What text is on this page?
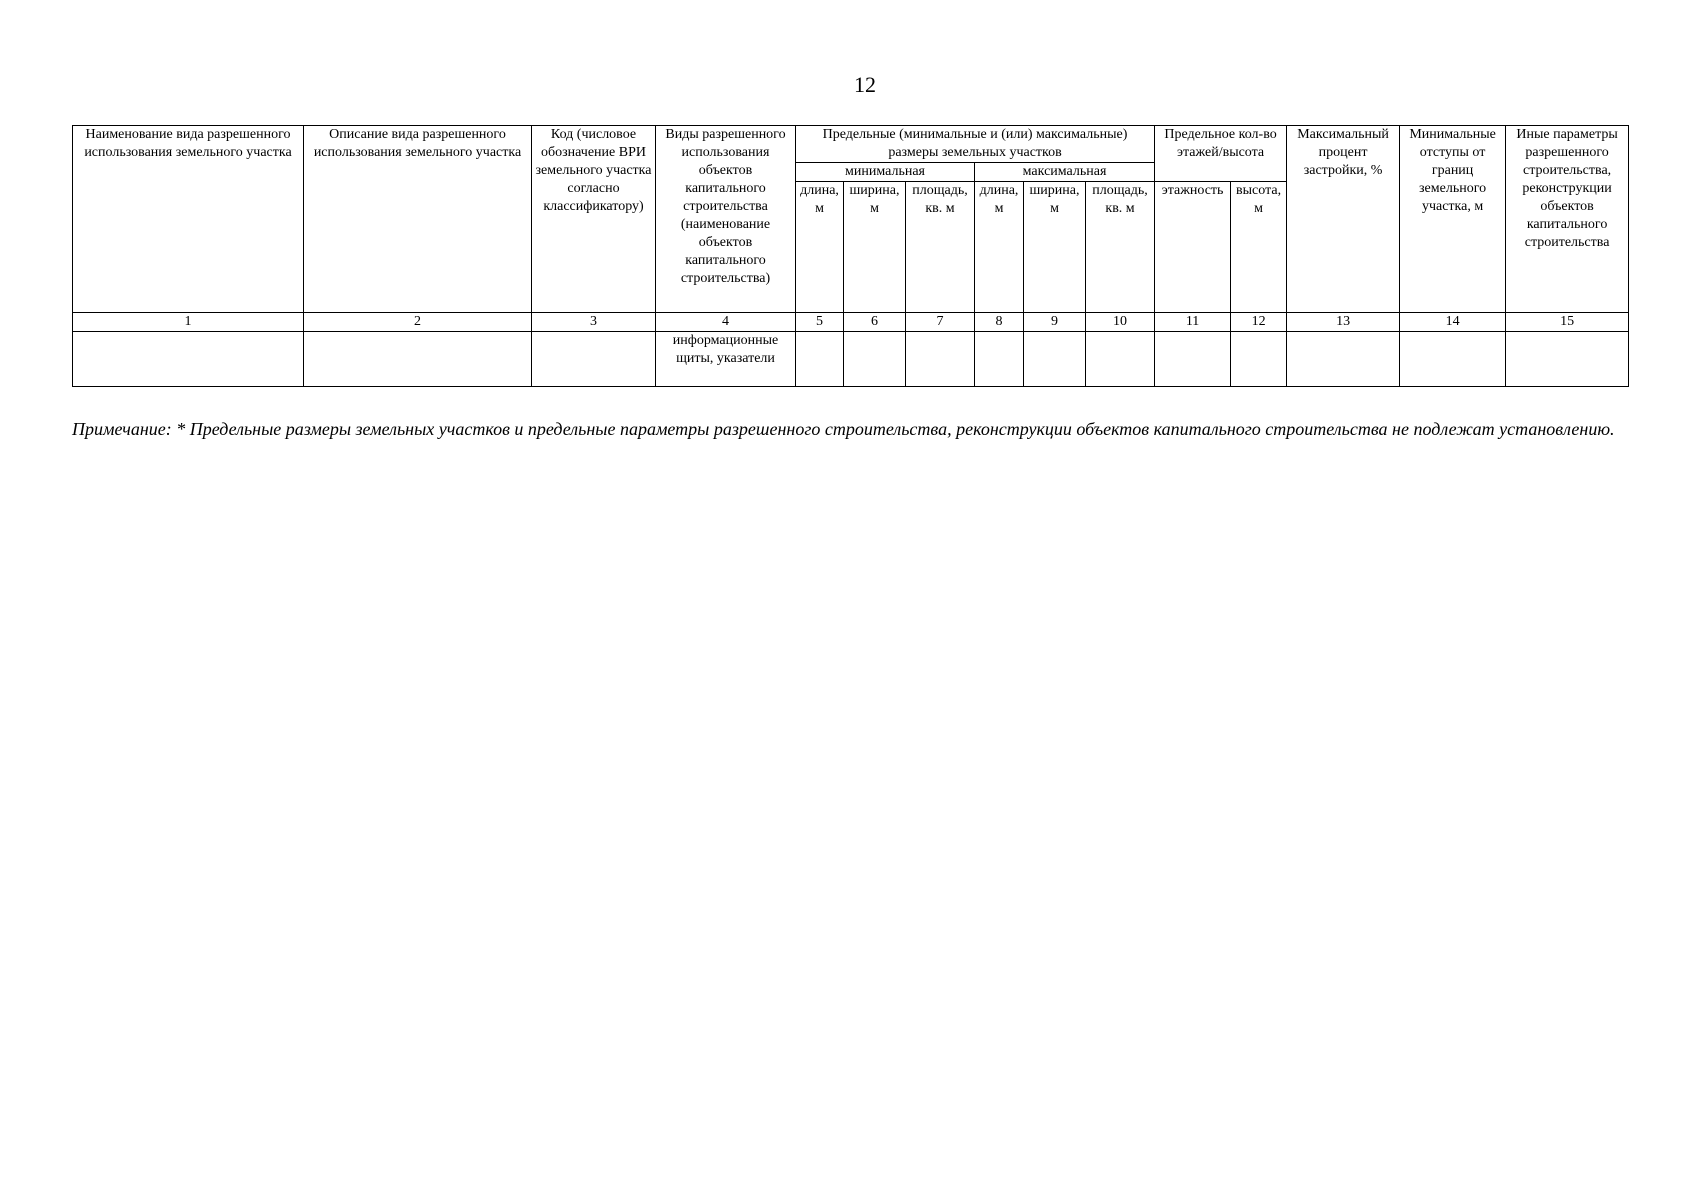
12
Наименование вида разрешенного использования земельного участка	Описание вида разрешенного использования земельного участка	Код (числовое обозначение ВРИ земельного участка согласно классификатору)	Виды разрешенного использования объектов капитального строительства (наименование объектов капитального строительства)	Предельные (минимальные и (или) максимальные) размеры земельных участков						Предельное кол-во этажей/высота		Максимальный процент застройки, %	Минимальные отступы от границ земельного участка, м	Иные параметры разрешенного строительства, реконструкции объектов капитального строительства

				минимальная			максимальная							
				длина, м	ширина, м	площадь, кв. м	длина, м	ширина, м	площадь, кв. м	этажность	высота, м			
1	2	3	4	5	6	7	8	9	10	11	12	13	14	15
			информационные щиты, указатели											
Примечание: * Предельные размеры земельных участков и предельные параметры разрешенного строительства, реконструкции объектов капитального строительства не подлежат установлению.
